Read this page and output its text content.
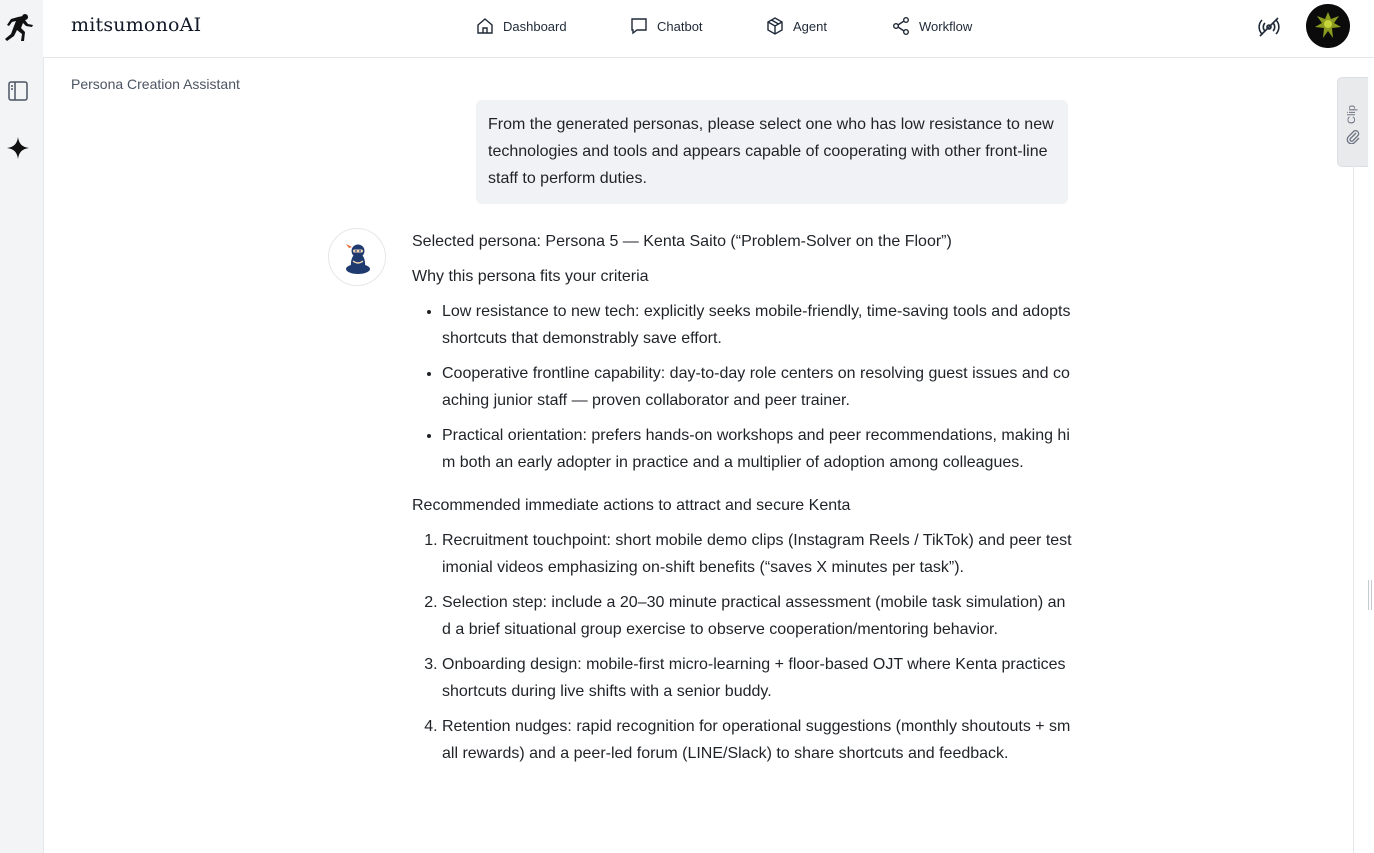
mitsumonoAI	Dashboard	Chatbot	Agent	Workflow
Persona Creation Assistant
Clip
From the generated personas, please select one who has low resistance to new technologies and tools and appears capable of cooperating with other front-line staff to perform duties.

Selected persona: Persona 5 — Kenta Saito (“Problem-Solver on the Floor”)

Why this persona fits your criteria

• Low resistance to new tech: explicitly seeks mobile-friendly, time-saving tools and adopts shortcuts that demonstrably save effort.
• Cooperative frontline capability: day-to-day role centers on resolving guest issues and coaching junior staff — proven collaborator and peer trainer.
• Practical orientation: prefers hands-on workshops and peer recommendations, making him both an early adopter in practice and a multiplier of adoption among colleagues.

Recommended immediate actions to attract and secure Kenta

1. Recruitment touchpoint: short mobile demo clips (Instagram Reels / TikTok) and peer testimonial videos emphasizing on-shift benefits (“saves X minutes per task”).
2. Selection step: include a 20–30 minute practical assessment (mobile task simulation) and a brief situational group exercise to observe cooperation/mentoring behavior.
3. Onboarding design: mobile-first micro-learning + floor-based OJT where Kenta practices shortcuts during live shifts with a senior buddy.
4. Retention nudges: rapid recognition for operational suggestions (monthly shoutouts + small rewards) and a peer-led forum (LINE/Slack) to share shortcuts and feedback.
